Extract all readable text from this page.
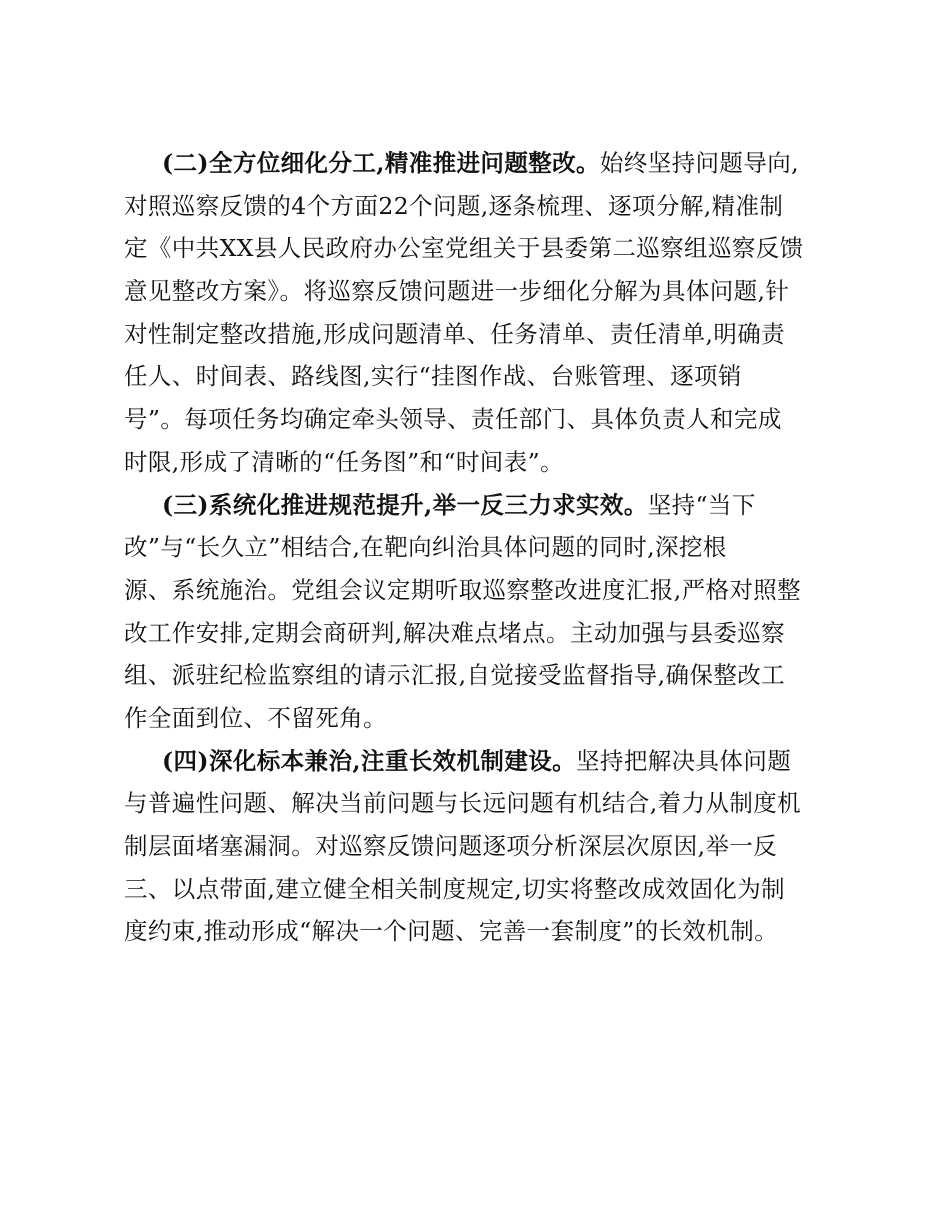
(二)全方位细化分工,精准推进问题整改。始终坚持问题导向,
对照巡察反馈的4个方面22个问题,逐条梳理、逐项分解,精准制
定《中共XX县人民政府办公室党组关于县委第二巡察组巡察反馈
意见整改方案》。将巡察反馈问题进一步细化分解为具体问题,针
对性制定整改措施,形成问题清单、任务清单、责任清单,明确责
任人、时间表、路线图,实行“挂图作战、台账管理、逐项销
号”。每项任务均确定牵头领导、责任部门、具体负责人和完成
时限,形成了清晰的“任务图”和“时间表”。
(三)系统化推进规范提升,举一反三力求实效。坚持“当下
改”与“长久立”相结合,在靶向纠治具体问题的同时,深挖根
源、系统施治。党组会议定期听取巡察整改进度汇报,严格对照整
改工作安排,定期会商研判,解决难点堵点。主动加强与县委巡察
组、派驻纪检监察组的请示汇报,自觉接受监督指导,确保整改工
作全面到位、不留死角。
(四)深化标本兼治,注重长效机制建设。坚持把解决具体问题
与普遍性问题、解决当前问题与长远问题有机结合,着力从制度机
制层面堵塞漏洞。对巡察反馈问题逐项分析深层次原因,举一反
三、以点带面,建立健全相关制度规定,切实将整改成效固化为制
度约束,推动形成“解决一个问题、完善一套制度”的长效机制。
